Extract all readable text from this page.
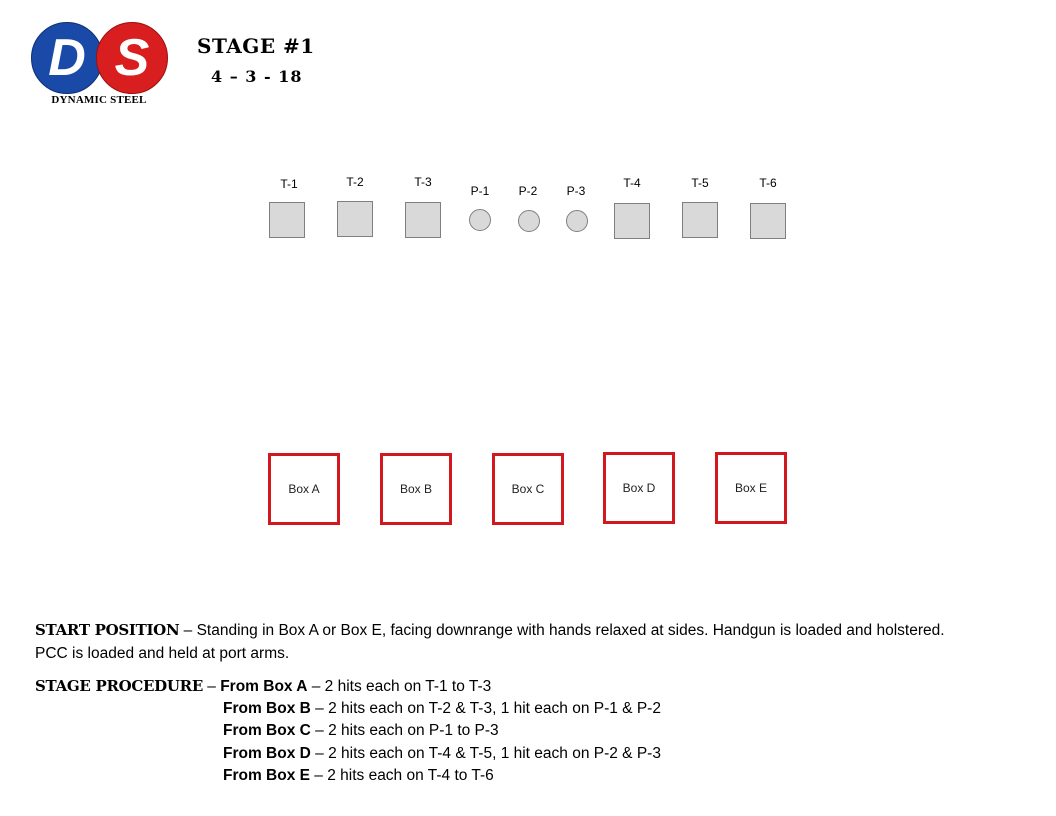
D S
DYNAMIC STEEL
STAGE #1
4 – 3 - 18
T-1	T-2	T-3
P-1	P-2	P-3
T-4	T-5	T-6
Box A	Box B	Box C	Box D	Box E
START POSITION – Standing in Box A or Box E, facing downrange with hands relaxed at sides. Handgun is loaded and holstered.
PCC is loaded and held at port arms.
STAGE PROCEDURE – From Box A – 2 hits each on T-1 to T-3
From Box B – 2 hits each on T-2 & T-3, 1 hit each on P-1 & P-2
From Box C – 2 hits each on P-1 to P-3
From Box D – 2 hits each on T-4 & T-5, 1 hit each on P-2 & P-3
From Box E – 2 hits each on T-4 to T-6
